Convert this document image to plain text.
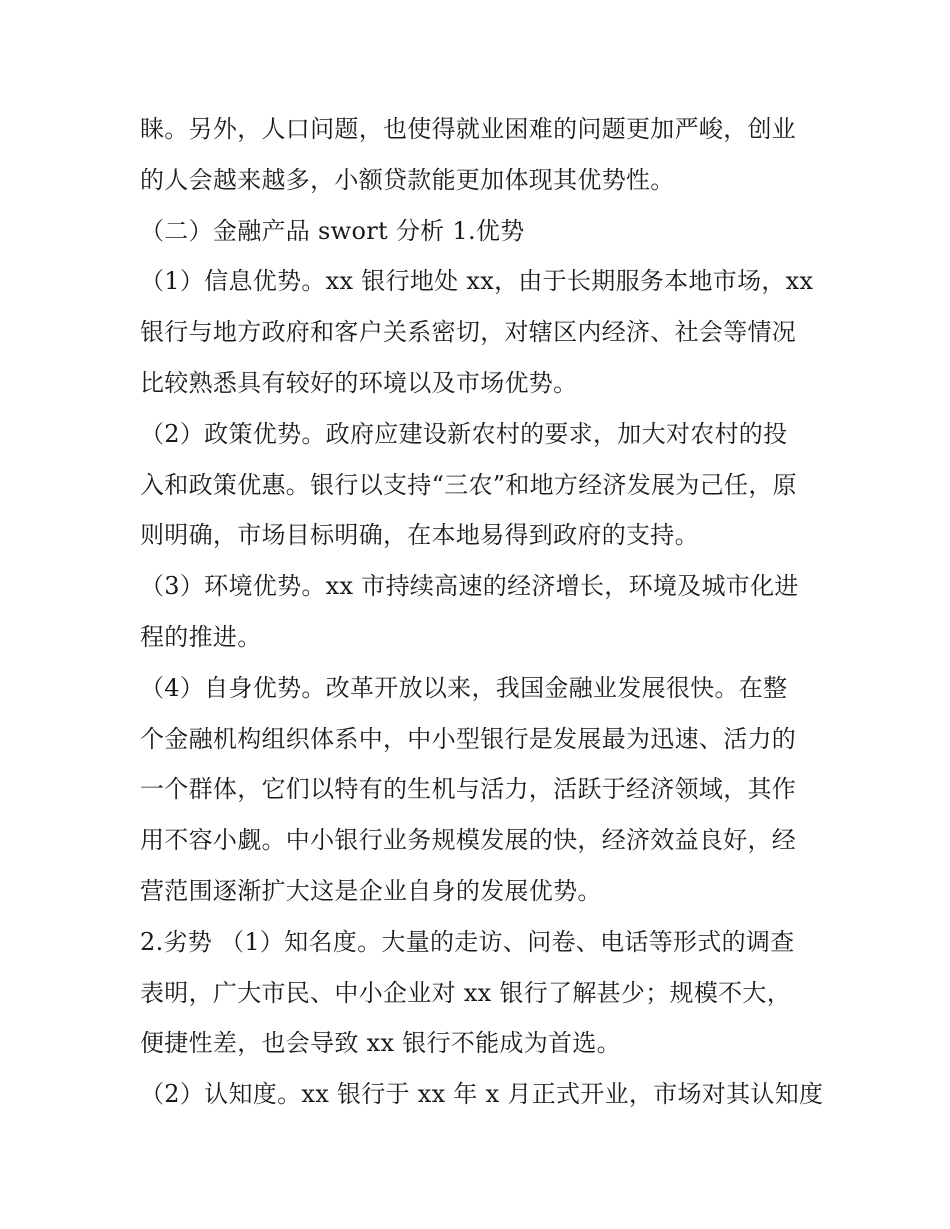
睐。另外，人口问题，也使得就业困难的问题更加严峻，创业
的人会越来越多，小额贷款能更加体现其优势性。
（二）金融产品 swort 分析 1.优势
（1）信息优势。xx 银行地处 xx，由于长期服务本地市场，xx
银行与地方政府和客户关系密切，对辖区内经济、社会等情况
比较熟悉具有较好的环境以及市场优势。
（2）政策优势。政府应建设新农村的要求，加大对农村的投
入和政策优惠。银行以支持“三农”和地方经济发展为己任，原
则明确，市场目标明确，在本地易得到政府的支持。
（3）环境优势。xx 市持续高速的经济增长，环境及城市化进
程的推进。
（4）自身优势。改革开放以来，我国金融业发展很快。在整
个金融机构组织体系中，中小型银行是发展最为迅速、活力的
一个群体，它们以特有的生机与活力，活跃于经济领域，其作
用不容小觑。中小银行业务规模发展的快，经济效益良好，经
营范围逐渐扩大这是企业自身的发展优势。
2.劣势 （1）知名度。大量的走访、问卷、电话等形式的调查
表明，广大市民、中小企业对 xx 银行了解甚少；规模不大，
便捷性差，也会导致 xx 银行不能成为首选。
（2）认知度。xx 银行于 xx 年 x 月正式开业，市场对其认知度
